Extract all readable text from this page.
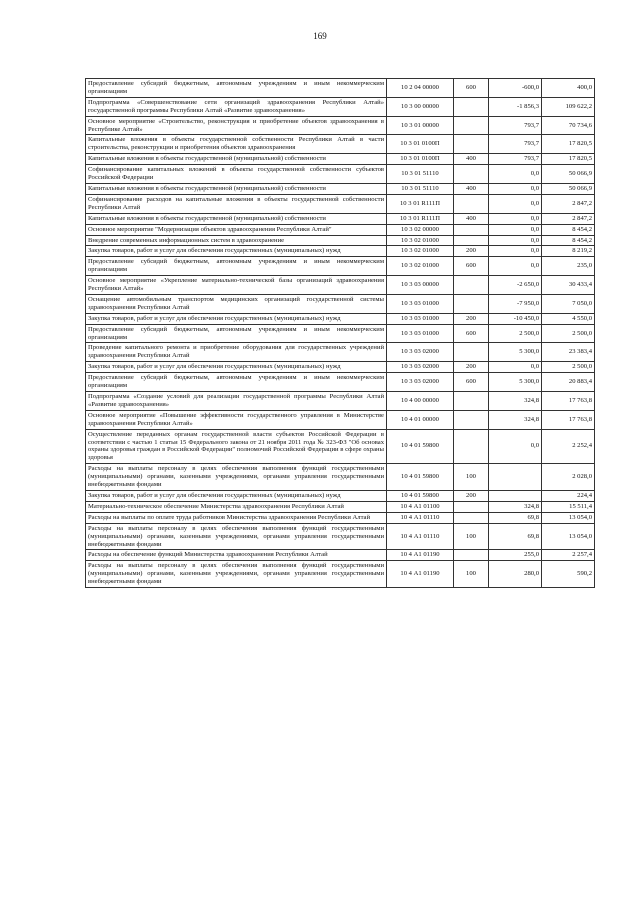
169
Предоставление субсидий бюджетным, автономным учреждениям и иным некоммерческим организациям	10 2 04 00000	600	-600,0	400,0
Подпрограмма «Совершенствование сети организаций здравоохранения Республики Алтай» государственной программы Республики Алтай «Развитие здравоохранения»	10 3 00 00000		-1 856,3	109 622,2
Основное мероприятие «Строительство, реконструкция и приобретение объектов здравоохранения в Республике Алтай»	10 3 01 00000		793,7	70 734,6
Капитальные вложения в объекты государственной собственности Республики Алтай в части строительства, реконструкции и приобретения объектов здравоохранения	10 3 01 0100П		793,7	17 820,5
Капитальные вложения в объекты государственной (муниципальной) собственности	10 3 01 0100П	400	793,7	17 820,5
Софинансирование капитальных вложений в объекты государственной собственности субъектов Российской Федерации	10 3 01 51110		0,0	50 066,9
Капитальные вложения в объекты государственной (муниципальной) собственности	10 3 01 51110	400	0,0	50 066,9
Софинансирование расходов на капитальные вложения в объекты государственной собственности Республики Алтай	10 3 01 R111П		0,0	2 847,2
Капитальные вложения в объекты государственной (муниципальной) собственности	10 3 01 R111П	400	0,0	2 847,2
Основное мероприятие "Модернизация объектов здравоохранения Республики Алтай"	10 3 02 00000		0,0	8 454,2
Внедрение современных информационных систем в здравоохранение	10 3 02 01000		0,0	8 454,2
Закупка товаров, работ и услуг для обеспечения государственных (муниципальных) нужд	10 3 02 01000	200	0,0	8 219,2
Предоставление субсидий бюджетным, автономным учреждениям и иным некоммерческим организациям	10 3 02 01000	600	0,0	235,0
Основное мероприятие «Укрепление материально-технической базы организаций здравоохранения Республики Алтай»	10 3 03 00000		-2 650,0	30 433,4
Оснащение автомобильным транспортом медицинских организаций государственной системы здравоохранения Республики Алтай	10 3 03 01000		-7 950,0	7 050,0
Закупка товаров, работ и услуг для обеспечения государственных (муниципальных) нужд	10 3 03 01000	200	-10 450,0	4 550,0
Предоставление субсидий бюджетным, автономным учреждениям и иным некоммерческим организациям	10 3 03 01000	600	2 500,0	2 500,0
Проведение капитального ремонта и приобретение оборудования для государственных учреждений здравоохранения Республики Алтай	10 3 03 02000		5 300,0	23 383,4
Закупка товаров, работ и услуг для обеспечения государственных (муниципальных) нужд	10 3 03 02000	200	0,0	2 500,0
Предоставление субсидий бюджетным, автономным учреждениям и иным некоммерческим организациям	10 3 03 02000	600	5 300,0	20 883,4
Подпрограмма «Создание условий для реализации государственной программы Республики Алтай «Развитие здравоохранения»	10 4 00 00000		324,8	17 763,8
Основное мероприятие «Повышение эффективности государственного управления в Министерстве здравоохранения Республики Алтай»	10 4 01 00000		324,8	17 763,8
Осуществление переданных органам государственной власти субъектов Российской Федерации в соответствии с частью 1 статьи 15 Федерального закона от 21 ноября 2011 года № 323-ФЗ "Об основах охраны здоровья граждан в Российской Федерации" полномочий Российской Федерации в сфере охраны здоровья	10 4 01 59800		0,0	2 252,4
Расходы на выплаты персоналу в целях обеспечения выполнения функций государственными (муниципальными) органами, казенными учреждениями, органами управления государственными внебюджетными фондами	10 4 01 59800	100		2 028,0
Закупка товаров, работ и услуг для обеспечения государственных (муниципальных) нужд	10 4 01 59800	200		224,4
Материально-техническое обеспечение Министерства здравоохранения Республики Алтай	10 4 А1 01100		324,8	15 511,4
Расходы на выплаты по оплате труда работников Министерства здравоохранения Республики Алтай	10 4 А1 01110		69,8	13 054,0
Расходы на выплаты персоналу в целях обеспечения выполнения функций государственными (муниципальными) органами, казенными учреждениями, органами управления государственными внебюджетными фондами	10 4 А1 01110	100	69,8	13 054,0
Расходы на обеспечение функций Министерства здравоохранения Республики Алтай	10 4 А1 01190		255,0	2 257,4
Расходы на выплаты персоналу в целях обеспечения выполнения функций государственными (муниципальными) органами, казенными учреждениями, органами управления государственными внебюджетными фондами	10 4 А1 01190	100	280,0	590,2
